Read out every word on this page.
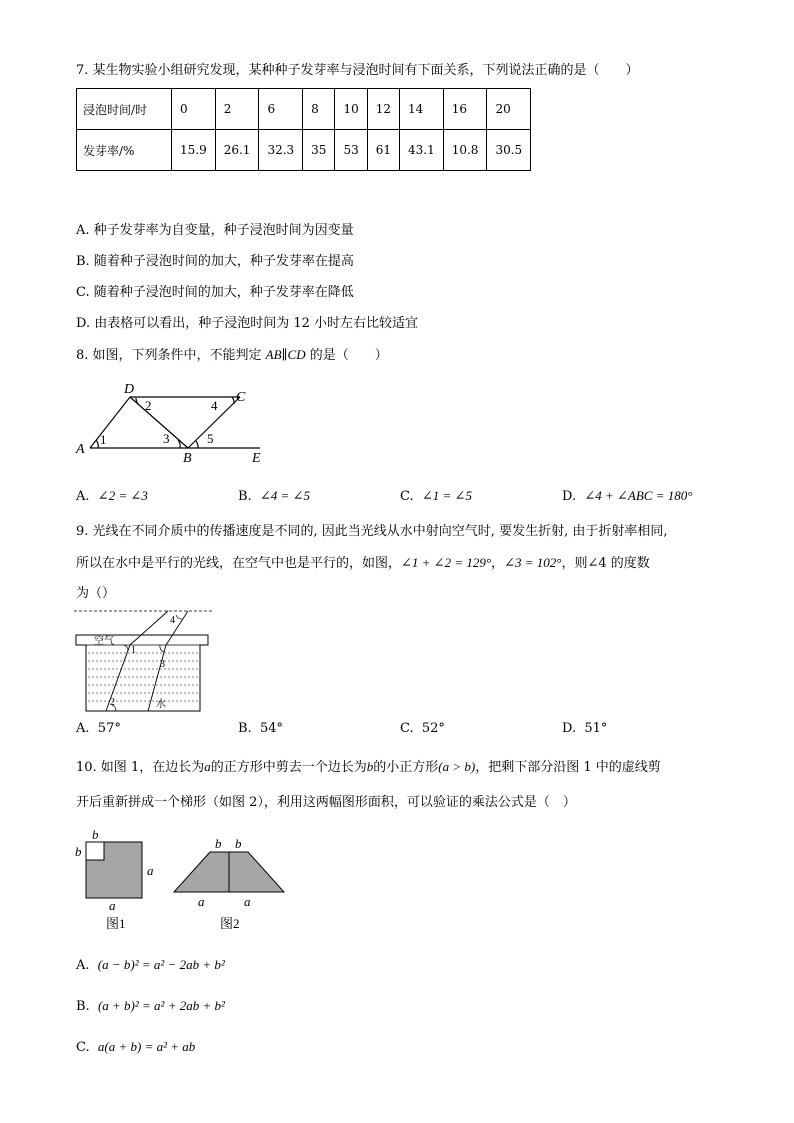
7. 某生物实验小组研究发现，某种种子发芽率与浸泡时间有下面关系，下列说法正确的是（　　）
浸泡时间/时	0	2	6	8	10	12	14	16	20
发芽率/%	15.9	26.1	32.3	35	53	61	43.1	10.8	30.5
A. 种子发芽率为自变量，种子浸泡时间为因变量
B. 随着种子浸泡时间的加大，种子发芽率在提高
C. 随着种子浸泡时间的加大，种子发芽率在降低
D. 由表格可以看出，种子浸泡时间为 12 小时左右比较适宜
8. 如图，下列条件中，不能判定 AB∥CD 的是（　　）
A
D
C
B	E
1
2
3
4
5
A. ∠2 = ∠3	B. ∠4 = ∠5	C. ∠1 = ∠5	D. ∠4 + ∠ABC = 180°
9. 光线在不同介质中的传播速度是不同的, 因此当光线从水中射向空气时, 要发生折射, 由于折射率相同,
所以在水中是平行的光线，在空气中也是平行的，如图，∠1 + ∠2 = 129°，∠3 = 102°，则∠4 的度数
为（）
空气
水
1
2
3
4
A. 57°	B. 54°	C. 52°	D. 51°
10. 如图 1，在边长为a的正方形中剪去一个边长为b的小正方形(a > b)，把剩下部分沿图 1 中的虚线剪
开后重新拼成一个梯形（如图 2），利用这两幅图形面积，可以验证的乘法公式是（　）
b
b
a
a
图1
b b
a	a
图2
A. (a − b)² = a² − 2ab + b²
B. (a + b)² = a² + 2ab + b²
C. a(a + b) = a² + ab
